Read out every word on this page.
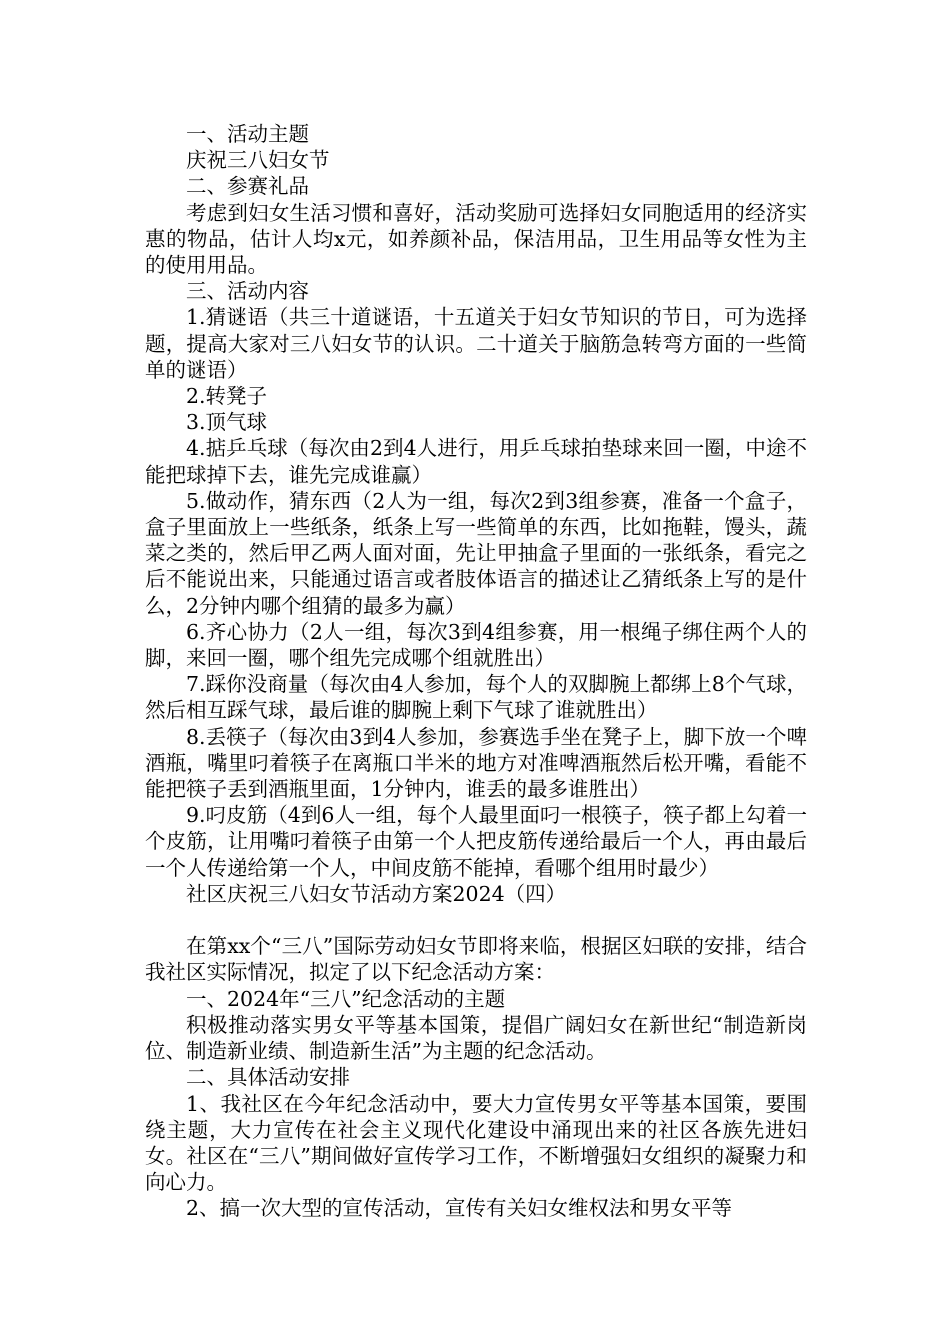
一、活动主题

庆祝三八妇女节

二、参赛礼品

考虑到妇女生活习惯和喜好，活动奖励可选择妇女同胞适用的经济实惠的物品，估计人均x元，如养颜补品，保洁用品，卫生用品等女性为主的使用用品。

三、活动内容

1.猜谜语（共三十道谜语，十五道关于妇女节知识的节日，可为选择题，提高大家对三八妇女节的认识。二十道关于脑筋急转弯方面的一些简单的谜语）

2.转凳子

3.顶气球

4.掂乒乓球（每次由2到4人进行，用乒乓球拍垫球来回一圈，中途不能把球掉下去，谁先完成谁赢）

5.做动作，猜东西（2人为一组，每次2到3组参赛，准备一个盒子，盒子里面放上一些纸条，纸条上写一些简单的东西，比如拖鞋，馒头，蔬菜之类的，然后甲乙两人面对面，先让甲抽盒子里面的一张纸条，看完之后不能说出来，只能通过语言或者肢体语言的描述让乙猜纸条上写的是什么，2分钟内哪个组猜的最多为赢）

6.齐心协力（2人一组，每次3到4组参赛，用一根绳子绑住两个人的脚，来回一圈，哪个组先完成哪个组就胜出）

7.踩你没商量（每次由4人参加，每个人的双脚腕上都绑上8个气球，然后相互踩气球，最后谁的脚腕上剩下气球了谁就胜出）

8.丢筷子（每次由3到4人参加，参赛选手坐在凳子上，脚下放一个啤酒瓶，嘴里叼着筷子在离瓶口半米的地方对准啤酒瓶然后松开嘴，看能不能把筷子丢到酒瓶里面，1分钟内，谁丢的最多谁胜出）

9.叼皮筋（4到6人一组，每个人最里面叼一根筷子，筷子都上勾着一个皮筋，让用嘴叼着筷子由第一个人把皮筋传递给最后一个人，再由最后一个人传递给第一个人，中间皮筋不能掉，看哪个组用时最少）

社区庆祝三八妇女节活动方案2024（四）

在第xx个“三八”国际劳动妇女节即将来临，根据区妇联的安排，结合我社区实际情况，拟定了以下纪念活动方案：

一、2024年“三八”纪念活动的主题

积极推动落实男女平等基本国策，提倡广阔妇女在新世纪“制造新岗位、制造新业绩、制造新生活”为主题的纪念活动。

二、具体活动安排

1、我社区在今年纪念活动中，要大力宣传男女平等基本国策，要围绕主题，大力宣传在社会主义现代化建设中涌现出来的社区各族先进妇女。社区在“三八”期间做好宣传学习工作，不断增强妇女组织的凝聚力和向心力。

2、搞一次大型的宣传活动，宣传有关妇女维权法和男女平等
